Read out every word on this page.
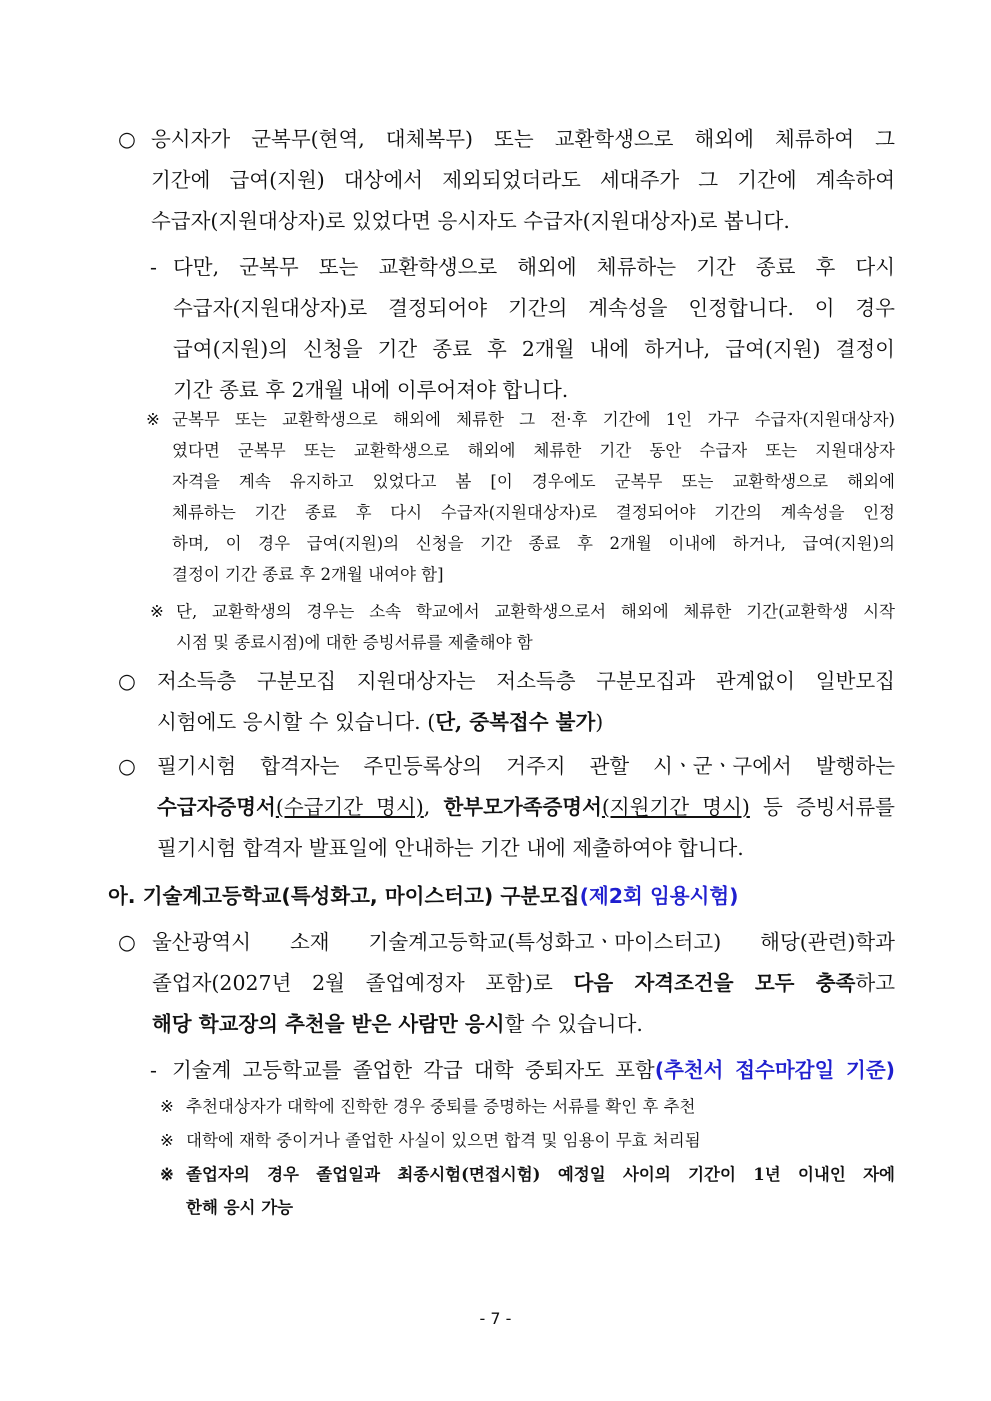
○ 응시자가 군복무(현역, 대체복무) 또는 교환학생으로 해외에 체류하여 그

기간에 급여(지원) 대상에서 제외되었더라도 세대주가 그 기간에 계속하여

수급자(지원대상자)로 있었다면 응시자도 수급자(지원대상자)로 봅니다.

- 다만, 군복무 또는 교환학생으로 해외에 체류하는 기간 종료 후 다시

수급자(지원대상자)로 결정되어야 기간의 계속성을 인정합니다. 이 경우

급여(지원)의 신청을 기간 종료 후 2개월 내에 하거나, 급여(지원) 결정이

기간 종료 후 2개월 내에 이루어져야 합니다.

※ 군복무 또는 교환학생으로 해외에 체류한 그 전·후 기간에 1인 가구 수급자(지원대상자)

였다면 군복무 또는 교환학생으로 해외에 체류한 기간 동안 수급자 또는 지원대상자

자격을 계속 유지하고 있었다고 봄 [이 경우에도 군복무 또는 교환학생으로 해외에

체류하는 기간 종료 후 다시 수급자(지원대상자)로 결정되어야 기간의 계속성을 인정

하며, 이 경우 급여(지원)의 신청을 기간 종료 후 2개월 이내에 하거나, 급여(지원)의

결정이 기간 종료 후 2개월 내여야 함]

※ 단, 교환학생의 경우는 소속 학교에서 교환학생으로서 해외에 체류한 기간(교환학생 시작

시점 및 종료시점)에 대한 증빙서류를 제출해야 함

○ 저소득층 구분모집 지원대상자는 저소득층 구분모집과 관계없이 일반모집

시험에도 응시할 수 있습니다. (단, 중복접수 불가)

○ 필기시험 합격자는 주민등록상의 거주지 관할 시ㆍ군ㆍ구에서 발행하는

수급자증명서(수급기간 명시), 한부모가족증명서(지원기간 명시) 등 증빙서류를

필기시험 합격자 발표일에 안내하는 기간 내에 제출하여야 합니다.

아. 기술계고등학교(특성화고, 마이스터고) 구분모집(제2회 임용시험)

○ 울산광역시 소재 기술계고등학교(특성화고ㆍ마이스터고) 해당(관련)학과

졸업자(2027년 2월 졸업예정자 포함)로 다음 자격조건을 모두 충족하고

해당 학교장의 추천을 받은 사람만 응시할 수 있습니다.

- 기술계 고등학교를 졸업한 각급 대학 중퇴자도 포함(추천서 접수마감일 기준)

※ 추천대상자가 대학에 진학한 경우 중퇴를 증명하는 서류를 확인 후 추천

※ 대학에 재학 중이거나 졸업한 사실이 있으면 합격 및 임용이 무효 처리됨

※ 졸업자의 경우 졸업일과 최종시험(면접시험) 예정일 사이의 기간이 1년 이내인 자에

한해 응시 가능

- 7 -
